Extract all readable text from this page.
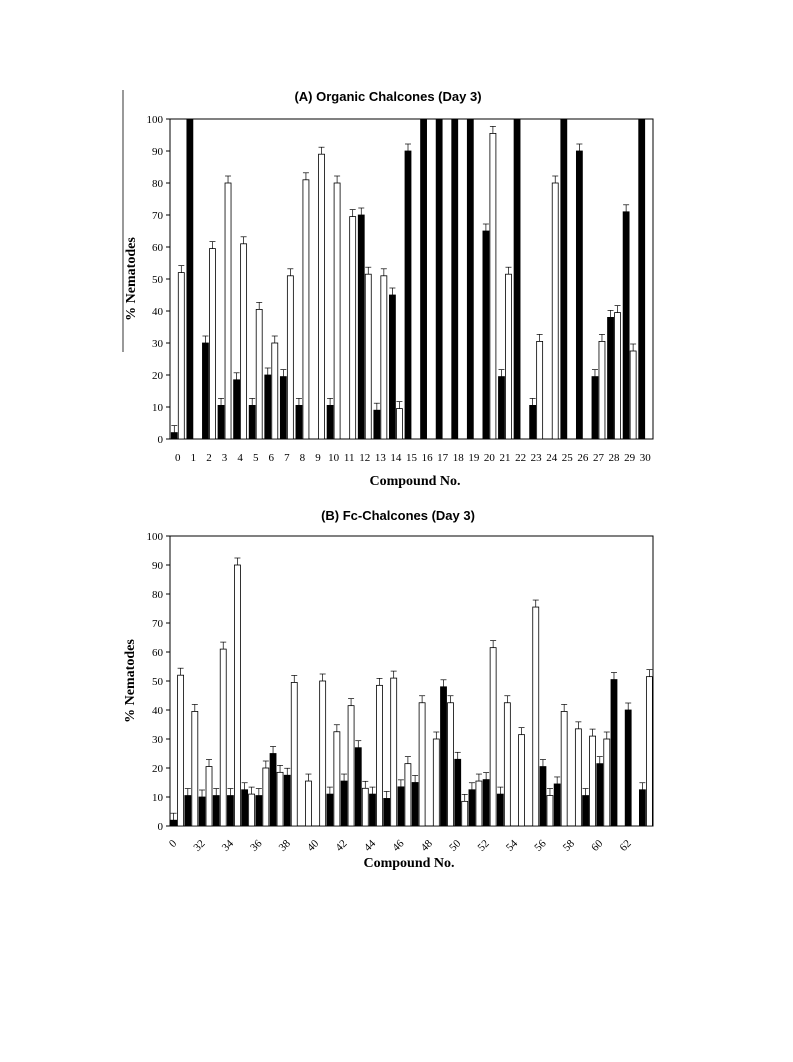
(A) Organic Chalcones (Day 3)
0
10
20
30
40
50
60
70
80
90
100
0 1 2 3 4 5 6 7 8 9 10 11 12 13 14 15 16 17 18 19 20 21 22 23 24 25 26 27 28 29 30
Compound No.
% Nematodes
(B) Fc-Chalcones (Day 3)
0
10
20
30
40
50
60
70
80
90
100
0 32 34 36 38 40 42 44 46 48 50 52 54 56 58 60 62
Compound No.
% Nematodes
